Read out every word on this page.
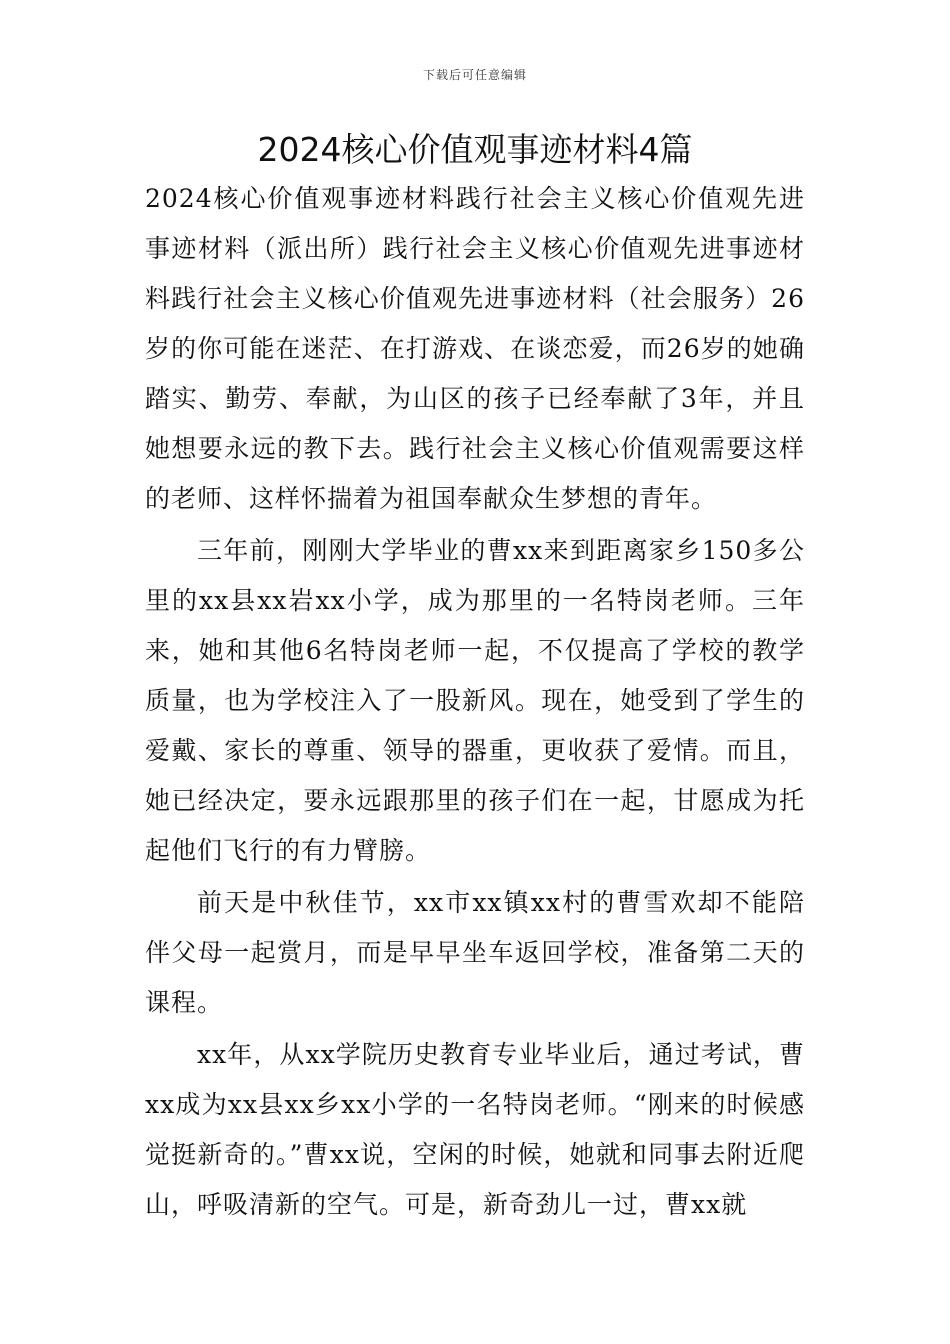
下载后可任意编辑
2024核心价值观事迹材料4篇

2024核心价值观事迹材料践行社会主义核心价值观先进事迹材料（派出所）践行社会主义核心价值观先进事迹材料践行社会主义核心价值观先进事迹材料（社会服务）26岁的你可能在迷茫、在打游戏、在谈恋爱，而26岁的她确踏实、勤劳、奉献，为山区的孩子已经奉献了3年，并且她想要永远的教下去。践行社会主义核心价值观需要这样的老师、这样怀揣着为祖国奉献众生梦想的青年。

三年前，刚刚大学毕业的曹xx来到距离家乡150多公里的xx县xx岩xx小学，成为那里的一名特岗老师。三年来，她和其他6名特岗老师一起，不仅提高了学校的教学质量，也为学校注入了一股新风。现在，她受到了学生的爱戴、家长的尊重、领导的器重，更收获了爱情。而且，她已经决定，要永远跟那里的孩子们在一起，甘愿成为托起他们飞行的有力臂膀。

前天是中秋佳节，xx市xx镇xx村的曹雪欢却不能陪伴父母一起赏月，而是早早坐车返回学校，准备第二天的课程。

xx年，从xx学院历史教育专业毕业后，通过考试，曹xx成为xx县xx乡xx小学的一名特岗老师。“刚来的时候感觉挺新奇的。”曹xx说，空闲的时候，她就和同事去附近爬山，呼吸清新的空气。可是，新奇劲儿一过，曹xx就
